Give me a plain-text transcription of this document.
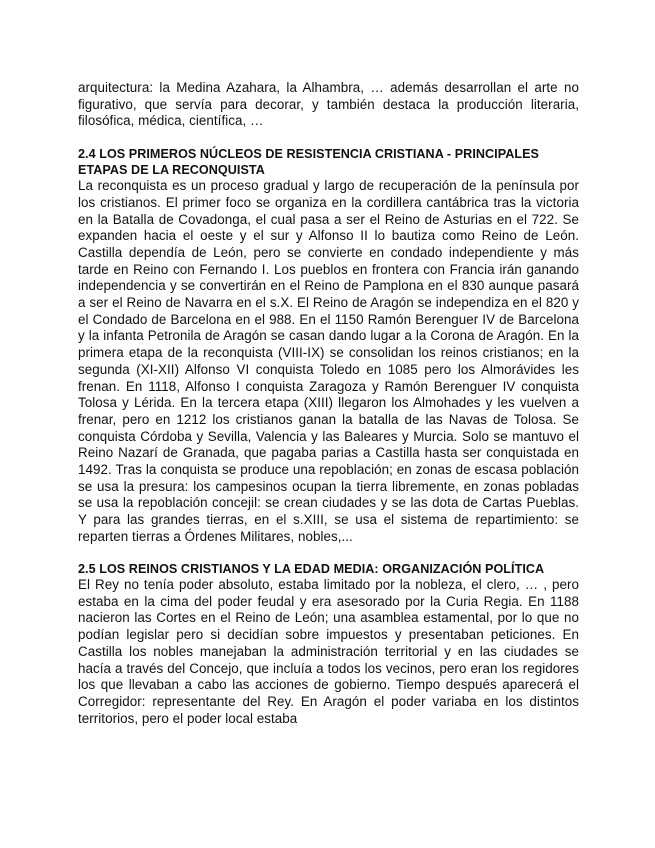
arquitectura: la Medina Azahara, la Alhambra, … además desarrollan el arte no figurativo, que servía para decorar, y también destaca la producción literaria, filosófica, médica, científica, …

2.4 LOS PRIMEROS NÚCLEOS DE RESISTENCIA CRISTIANA - PRINCIPALES ETAPAS DE LA RECONQUISTA

La reconquista es un proceso gradual y largo de recuperación de la península por los cristianos. El primer foco se organiza en la cordillera cantábrica tras la victoria en la Batalla de Covadonga, el cual pasa a ser el Reino de Asturias en el 722. Se expanden hacia el oeste y el sur y Alfonso II lo bautiza como Reino de León. Castilla dependía de León, pero se convierte en condado independiente y más tarde en Reino con Fernando I. Los pueblos en frontera con Francia irán ganando independencia y se convertirán en el Reino de Pamplona en el 830 aunque pasará a ser el Reino de Navarra en el s.X. El Reino de Aragón se independiza en el 820 y el Condado de Barcelona en el 988. En el 1150 Ramón Berenguer IV de Barcelona y la infanta Petronila de Aragón se casan dando lugar a la Corona de Aragón. En la primera etapa de la reconquista (VIII-IX) se consolidan los reinos cristianos; en la segunda (XI-XII) Alfonso VI conquista Toledo en 1085 pero los Almorávides les frenan. En 1118, Alfonso I conquista Zaragoza y Ramón Berenguer IV conquista Tolosa y Lérida. En la tercera etapa (XIII) llegaron los Almohades y les vuelven a frenar, pero en 1212 los cristianos ganan la batalla de las Navas de Tolosa. Se conquista Córdoba y Sevilla, Valencia y las Baleares y Murcia. Solo se mantuvo el Reino Nazarí de Granada, que pagaba parias a Castilla hasta ser conquistada en 1492. Tras la conquista se produce una repoblación; en zonas de escasa población se usa la presura: los campesinos ocupan la tierra libremente, en zonas pobladas se usa la repoblación concejil: se crean ciudades y se las dota de Cartas Pueblas. Y para las grandes tierras, en el s.XIII, se usa el sistema de repartimiento: se reparten tierras a Órdenes Militares, nobles,...

2.5 LOS REINOS CRISTIANOS Y LA EDAD MEDIA: ORGANIZACIÓN POLÍTICA

El Rey no tenía poder absoluto, estaba limitado por la nobleza, el clero, … , pero estaba en la cima del poder feudal y era asesorado por la Curia Regia. En 1188 nacieron las Cortes en el Reino de León; una asamblea estamental, por lo que no podían legislar pero si decidían sobre impuestos y presentaban peticiones. En Castilla los nobles manejaban la administración territorial y en las ciudades se hacía a través del Concejo, que incluía a todos los vecinos, pero eran los regidores los que llevaban a cabo las acciones de gobierno. Tiempo después aparecerá el Corregidor: representante del Rey. En Aragón el poder variaba en los distintos territorios, pero el poder local estaba
